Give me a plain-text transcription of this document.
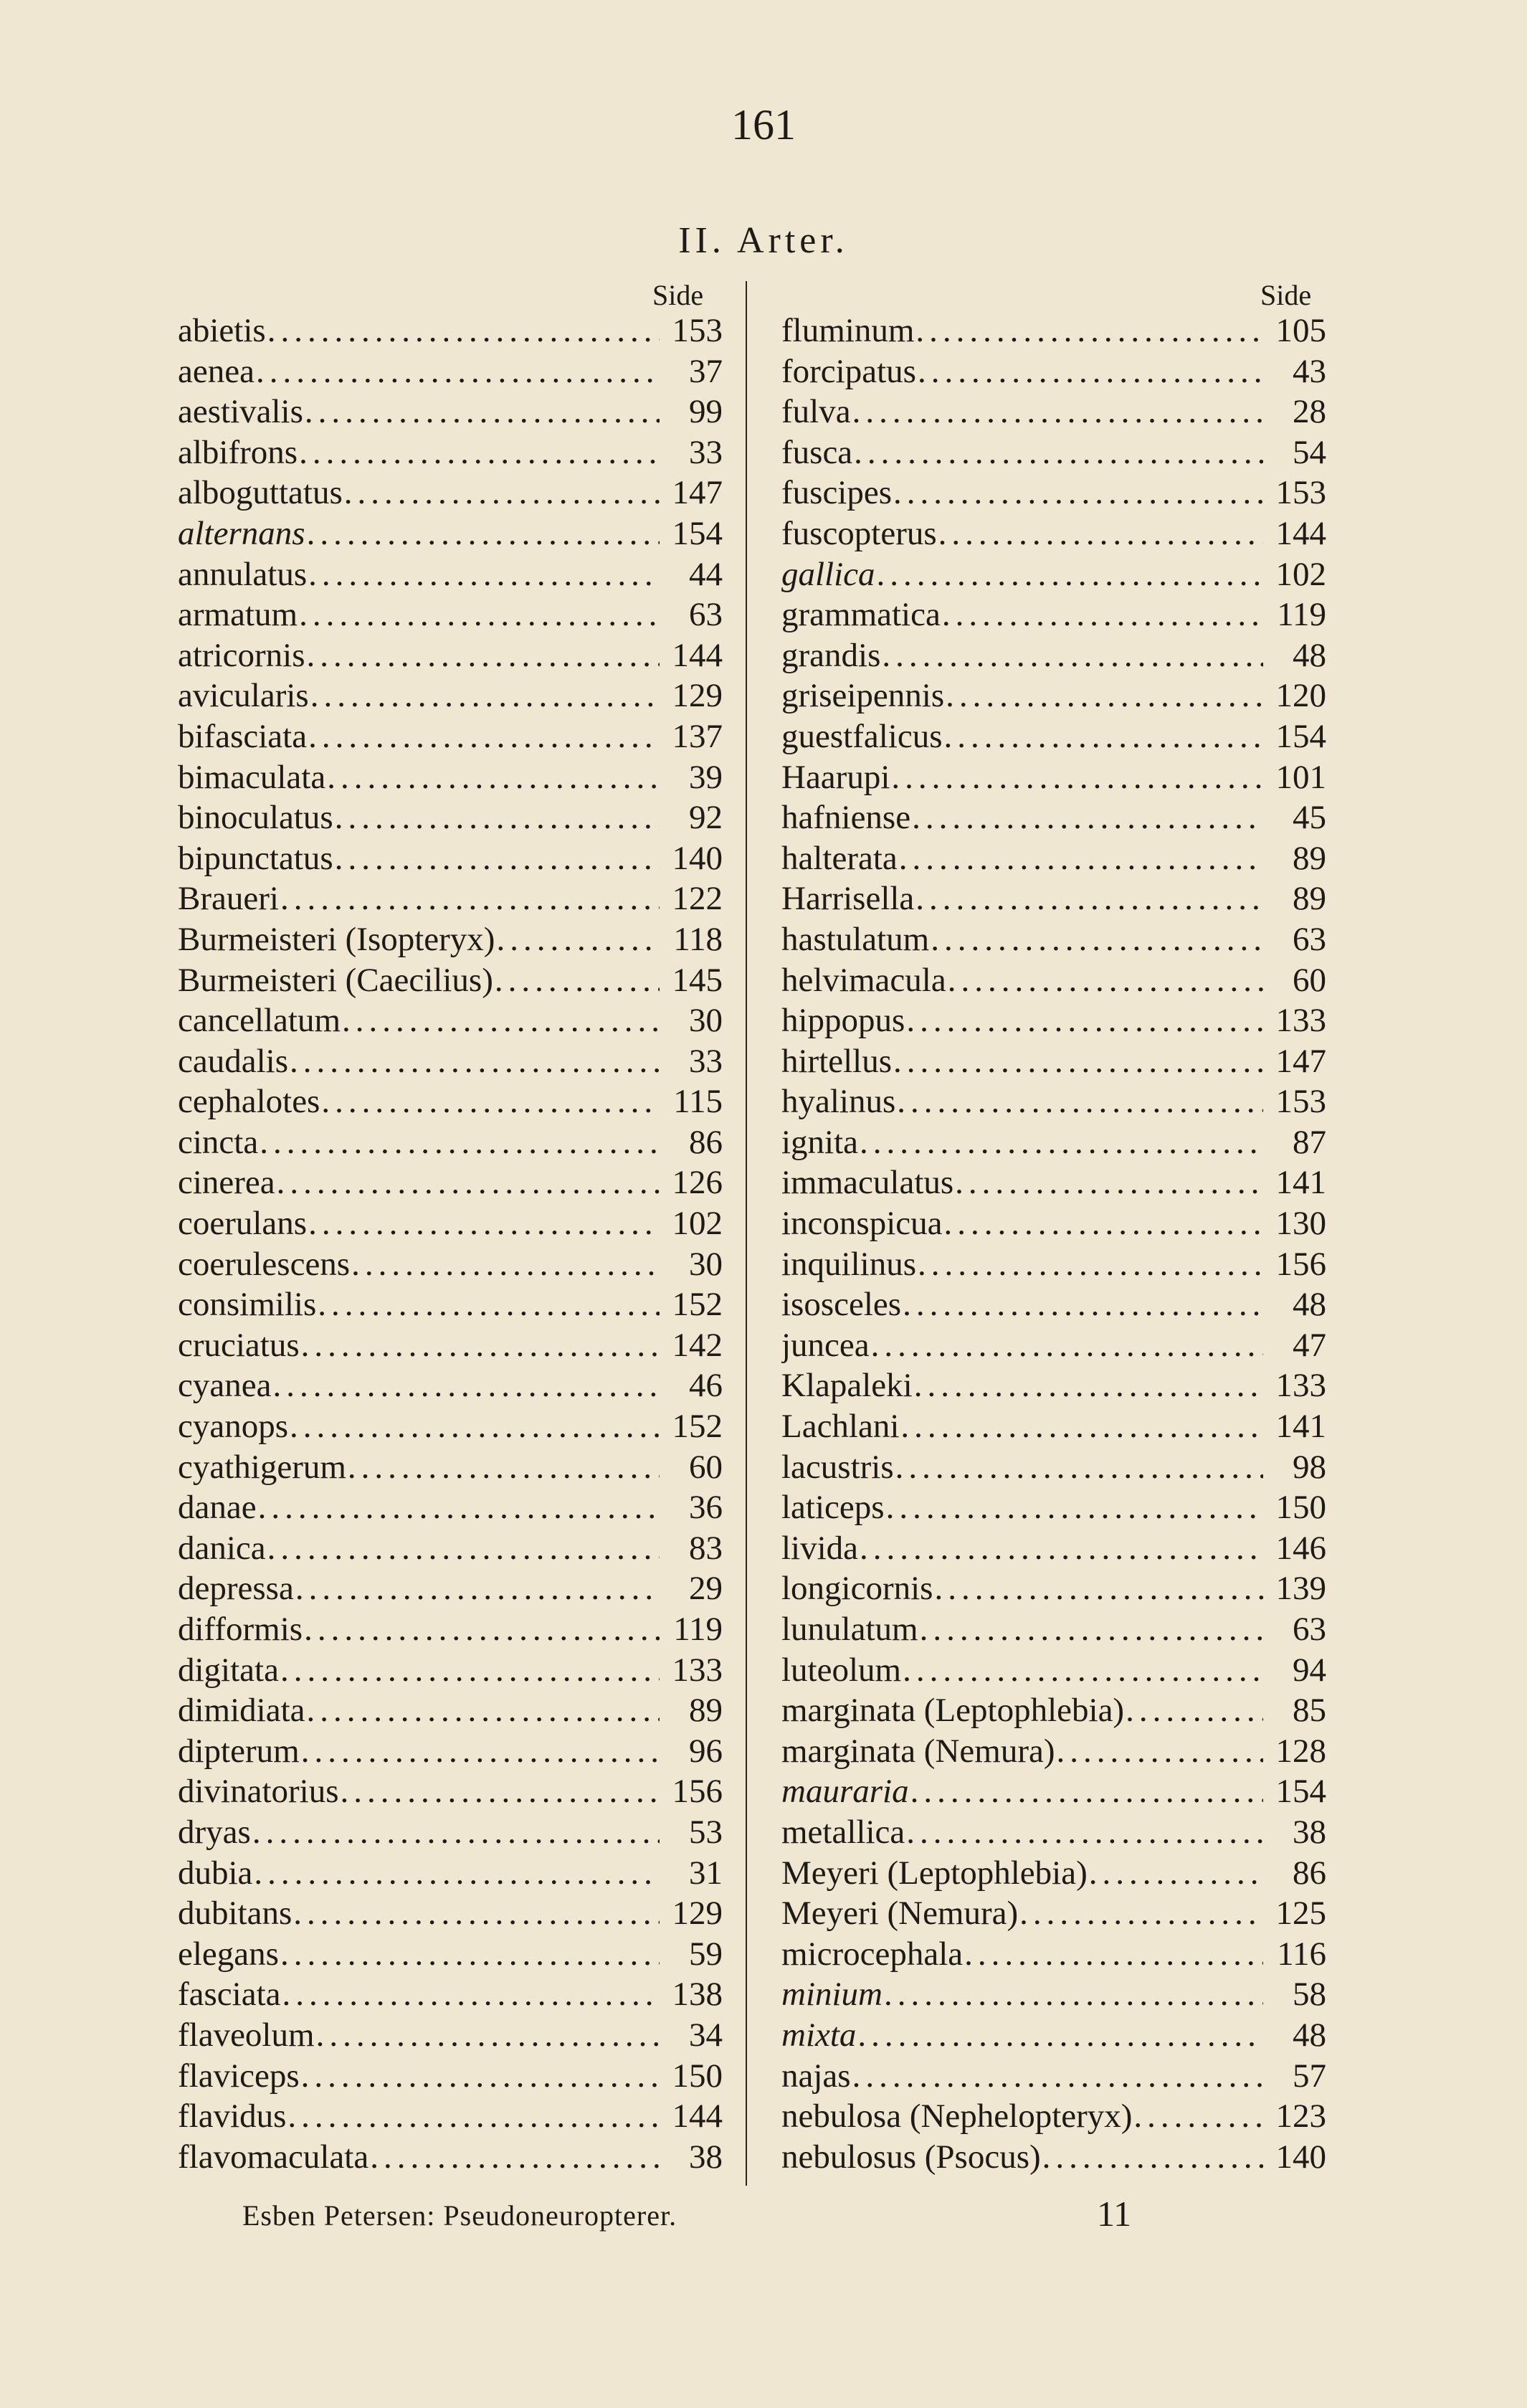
161
II. Arter.
Side	Side
abietis .....	153
aenea .....	37
aestivalis .....	99
albifrons .....	33
alboguttatus .....	147
alternans .....	154
annulatus .....	44
armatum .....	63
atricornis .....	144
avicularis .....	129
bifasciata .....	137
bimaculata .....	39
binoculatus .....	92
bipunctatus .....	140
Braueri .....	122
Burmeisteri (Isopteryx) .....	118
Burmeisteri (Caecilius) .....	145
cancellatum .....	30
caudalis .....	33
cephalotes .....	115
cincta .....	86
cinerea .....	126
coerulans .....	102
coerulescens .....	30
consimilis .....	152
cruciatus .....	142
cyanea .....	46
cyanops .....	152
cyathigerum .....	60
danae .....	36
danica .....	83
depressa .....	29
difformis .....	119
digitata .....	133
dimidiata .....	89
dipterum .....	96
divinatorius .....	156
dryas .....	53
dubia .....	31
dubitans .....	129
elegans .....	59
fasciata .....	138
flaveolum .....	34
flaviceps .....	150
flavidus .....	144
flavomaculata .....	38
fluminum .....	105
forcipatus .....	43
fulva .....	28
fusca .....	54
fuscipes .....	153
fuscopterus .....	144
gallica .....	102
grammatica .....	119
grandis .....	48
griseipennis .....	120
guestfalicus .....	154
Haarupi .....	101
hafniense .....	45
halterata .....	89
Harrisella .....	89
hastulatum .....	63
helvimacula .....	60
hippopus .....	133
hirtellus .....	147
hyalinus .....	153
ignita .....	87
immaculatus .....	141
inconspicua .....	130
inquilinus .....	156
isosceles .....	48
juncea .....	47
Klapaleki .....	133
Lachlani .....	141
lacustris .....	98
laticeps .....	150
livida .....	146
longicornis .....	139
lunulatum .....	63
luteolum .....	94
marginata (Leptophlebia) .....	85
marginata (Nemura) .....	128
mauraria .....	154
metallica .....	38
Meyeri (Leptophlebia) .....	86
Meyeri (Nemura) .....	125
microcephala .....	116
minium .....	58
mixta .....	48
najas .....	57
nebulosa (Nephelopteryx) .....	123
nebulosus (Psocus) .....	140
Esben Petersen: Pseudoneuropterer.	11
